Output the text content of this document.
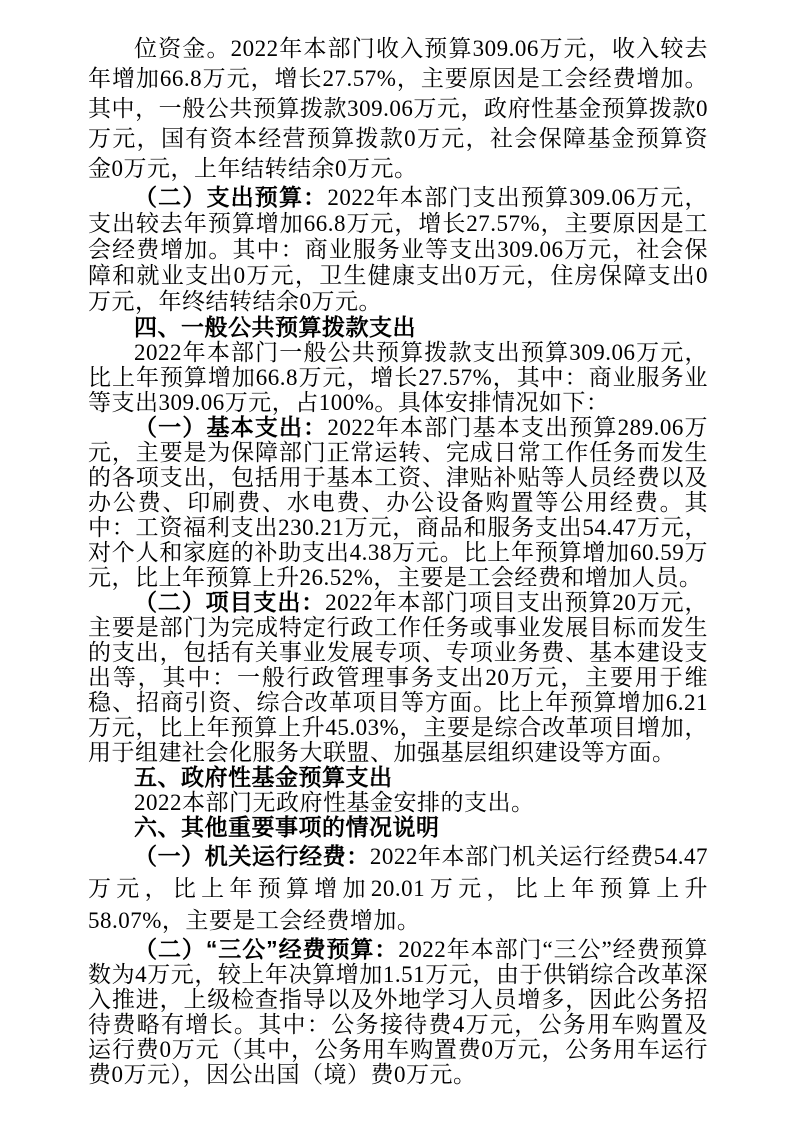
位资金。2022年本部门收入预算309.06万元，收入较去年增加66.8万元，增长27.57%，主要原因是工会经费增加。其中，一般公共预算拨款309.06万元，政府性基金预算拨款0万元，国有资本经营预算拨款0万元，社会保障基金预算资金0万元，上年结转结余0万元。

（二）支出预算：2022年本部门支出预算309.06万元，支出较去年预算增加66.8万元，增长27.57%，主要原因是工会经费增加。其中：商业服务业等支出309.06万元，社会保障和就业支出0万元，卫生健康支出0万元，住房保障支出0万元，年终结转结余0万元。

四、一般公共预算拨款支出

2022年本部门一般公共预算拨款支出预算309.06万元，比上年预算增加66.8万元，增长27.57%，其中：商业服务业等支出309.06万元，占100%。具体安排情况如下：

（一）基本支出：2022年本部门基本支出预算289.06万元，主要是为保障部门正常运转、完成日常工作任务而发生的各项支出，包括用于基本工资、津贴补贴等人员经费以及办公费、印刷费、水电费、办公设备购置等公用经费。其中：工资福利支出230.21万元，商品和服务支出54.47万元，对个人和家庭的补助支出4.38万元。比上年预算增加60.59万元，比上年预算上升26.52%，主要是工会经费和增加人员。

（二）项目支出：2022年本部门项目支出预算20万元，主要是部门为完成特定行政工作任务或事业发展目标而发生的支出，包括有关事业发展专项、专项业务费、基本建设支出等，其中：一般行政管理事务支出20万元，主要用于维稳、招商引资、综合改革项目等方面。比上年预算增加6.21万元，比上年预算上升45.03%，主要是综合改革项目增加，用于组建社会化服务大联盟、加强基层组织建设等方面。

五、政府性基金预算支出

2022本部门无政府性基金安排的支出。

六、其他重要事项的情况说明

（一）机关运行经费：2022年本部门机关运行经费54.47万元，比上年预算增加20.01万元，比上年预算上升58.07%，主要是工会经费增加。

（二）“三公”经费预算：2022年本部门“三公”经费预算数为4万元，较上年决算增加1.51万元，由于供销综合改革深入推进，上级检查指导以及外地学习人员增多，因此公务招待费略有增长。其中：公务接待费4万元，公务用车购置及运行费0万元（其中，公务用车购置费0万元，公务用车运行费0万元），因公出国（境）费0万元。
